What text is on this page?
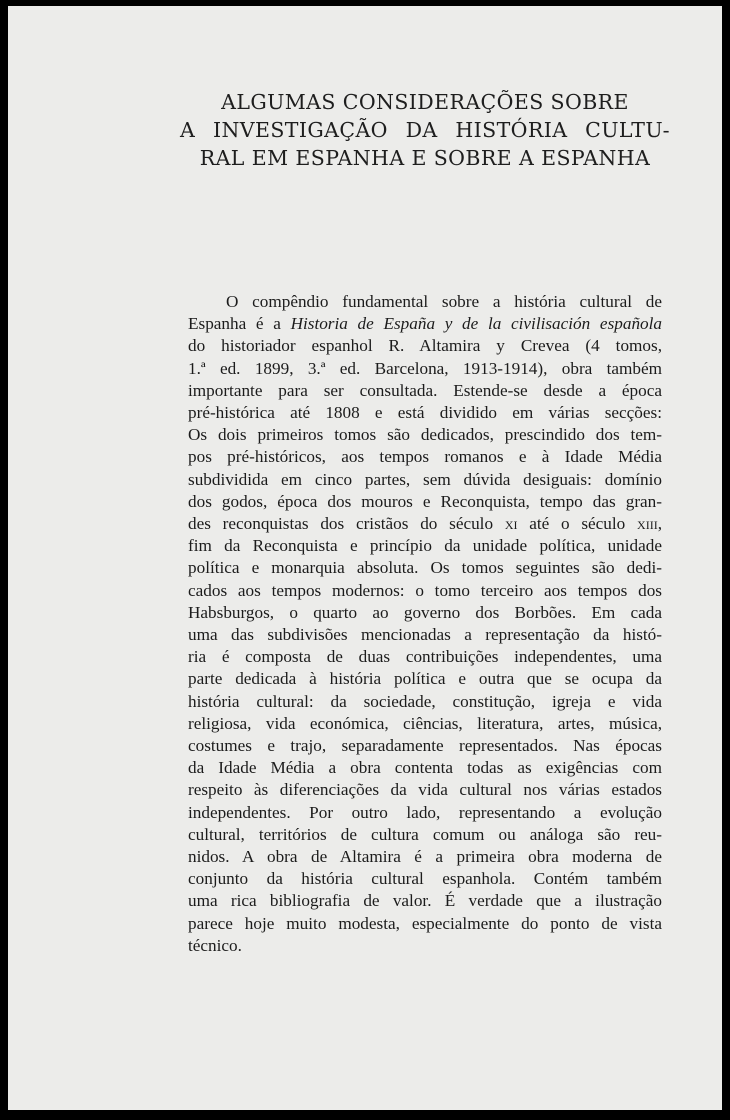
ALGUMAS CONSIDERAÇÕES SOBRE
A INVESTIGAÇÃO DA HISTÓRIA CULTU-
RAL EM ESPANHA E SOBRE A ESPANHA
O compêndio fundamental sobre a história cultural de
Espanha é a Historia de España y de la civilisación española
do historiador espanhol R. Altamira y Crevea (4 tomos,
1.ª ed. 1899, 3.ª ed. Barcelona, 1913-1914), obra também
importante para ser consultada. Estende-se desde a época
pré-histórica até 1808 e está dividido em várias secções:
Os dois primeiros tomos são dedicados, prescindido dos tem-
pos pré-históricos, aos tempos romanos e à Idade Média
subdividida em cinco partes, sem dúvida desiguais: domínio
dos godos, época dos mouros e Reconquista, tempo das gran-
des reconquistas dos cristãos do século xi até o século xiii,
fim da Reconquista e princípio da unidade política, unidade
política e monarquia absoluta. Os tomos seguintes são dedi-
cados aos tempos modernos: o tomo terceiro aos tempos dos
Habsburgos, o quarto ao governo dos Borbões. Em cada
uma das subdivisões mencionadas a representação da histó-
ria é composta de duas contribuições independentes, uma
parte dedicada à história política e outra que se ocupa da
história cultural: da sociedade, constitução, igreja e vida
religiosa, vida económica, ciências, literatura, artes, música,
costumes e trajo, separadamente representados. Nas épocas
da Idade Média a obra contenta todas as exigências com
respeito às diferenciações da vida cultural nos várias estados
independentes. Por outro lado, representando a evolução
cultural, territórios de cultura comum ou análoga são reu-
nidos. A obra de Altamira é a primeira obra moderna de
conjunto da história cultural espanhola. Contém também
uma rica bibliografia de valor. É verdade que a ilustração
parece hoje muito modesta, especialmente do ponto de vista
técnico.
